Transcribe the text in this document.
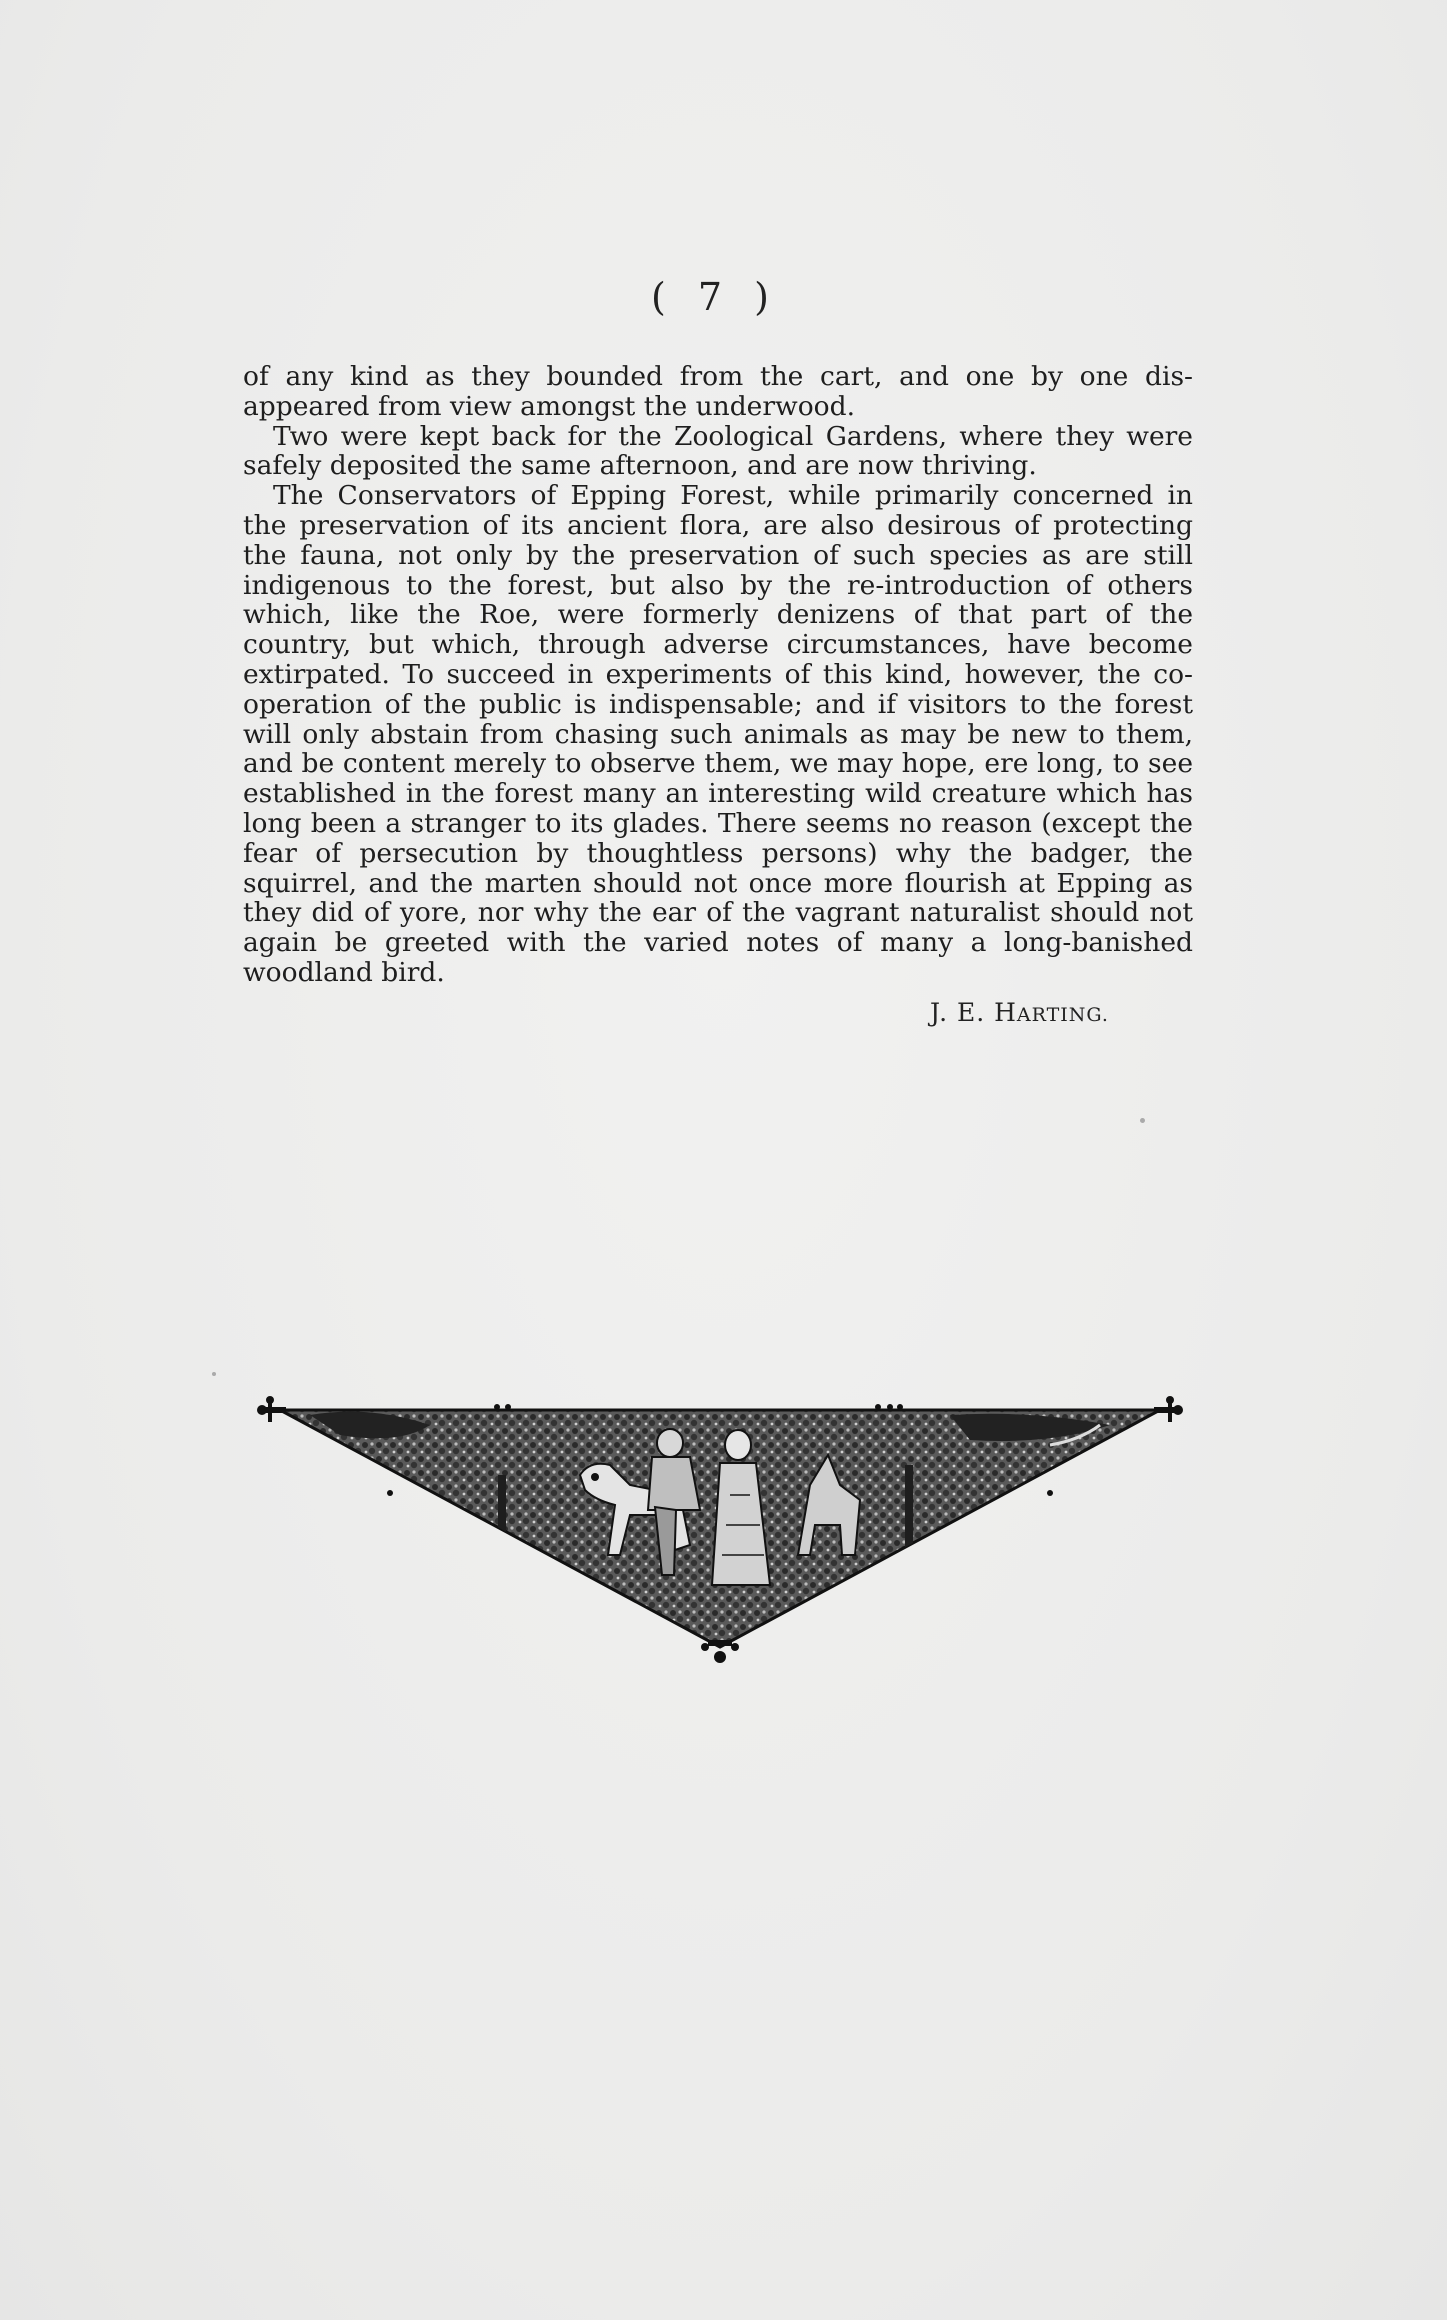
( 7 )

of any kind as they bounded from the cart, and one by one dis-appeared from view amongst the underwood.

Two were kept back for the Zoological Gardens, where they were safely deposited the same afternoon, and are now thriving.

The Conservators of Epping Forest, while primarily concerned in the preservation of its ancient flora, are also desirous of protecting the fauna, not only by the preservation of such species as are still indigenous to the forest, but also by the re-introduction of others which, like the Roe, were formerly denizens of that part of the country, but which, through adverse circumstances, have become extirpated. To succeed in experiments of this kind, however, the co-operation of the public is indispensable; and if visitors to the forest will only abstain from chasing such animals as may be new to them, and be content merely to observe them, we may hope, ere long, to see established in the forest many an interesting wild creature which has long been a stranger to its glades. There seems no reason (except the fear of persecution by thoughtless persons) why the badger, the squirrel, and the marten should not once more flourish at Epping as they did of yore, nor why the ear of the vagrant naturalist should not again be greeted with the varied notes of many a long-banished woodland bird.

J. E. HARTING.
